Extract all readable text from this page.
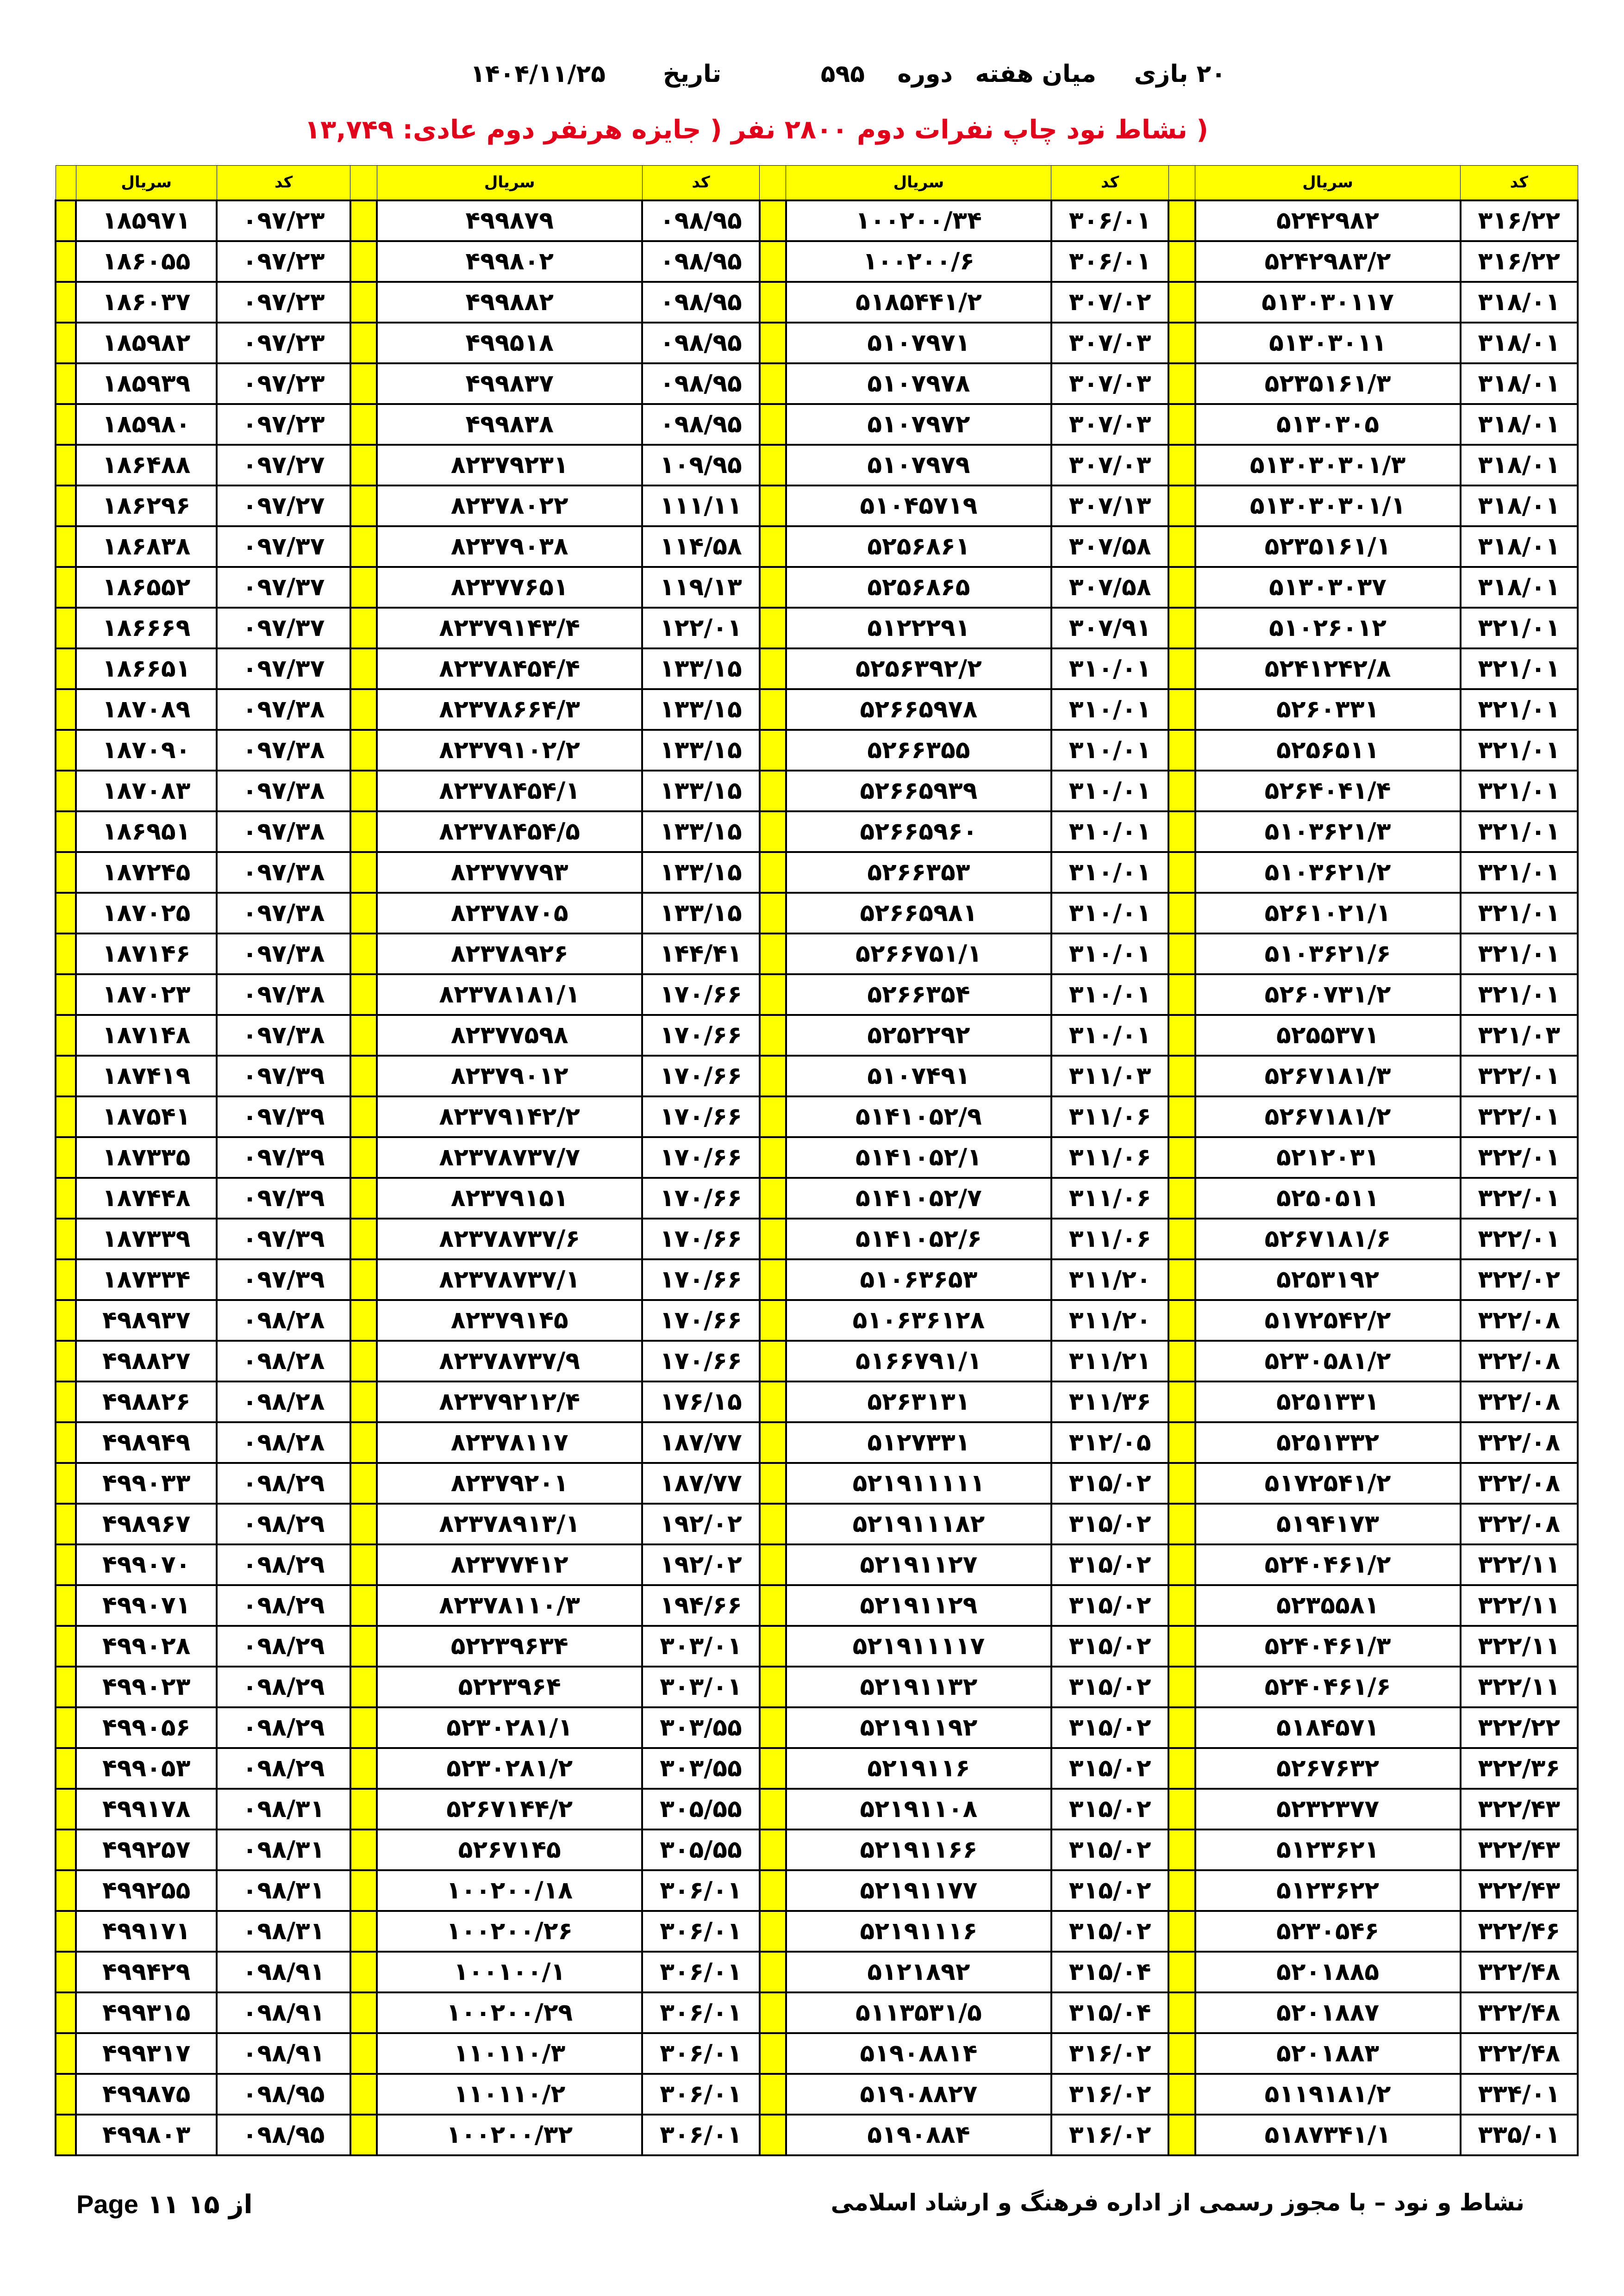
۲۰ بازی
میان هفته
دوره
۵۹۵
تاریخ
۱۴۰۴/۱۱/۲۵
( نشاط نود چاپ نفرات دوم ۲۸۰۰ نفر ( جایزه هرنفر دوم عادی: ۱۳,۷۴۹
کد	سریال		کد	سریال		کد	سریال		کد	سریال	
۳۱۶/۲۲	۵۲۴۲۹۸۲		۳۰۶/۰۱	۱۰۰۲۰۰/۳۴		۰۹۸/۹۵	۴۹۹۸۷۹		۰۹۷/۲۳	۱۸۵۹۷۱	
۳۱۶/۲۲	۵۲۴۲۹۸۳/۲		۳۰۶/۰۱	۱۰۰۲۰۰/۶		۰۹۸/۹۵	۴۹۹۸۰۲		۰۹۷/۲۳	۱۸۶۰۵۵	
۳۱۸/۰۱	۵۱۳۰۳۰۱۱۷		۳۰۷/۰۲	۵۱۸۵۴۴۱/۲		۰۹۸/۹۵	۴۹۹۸۸۲		۰۹۷/۲۳	۱۸۶۰۳۷	
۳۱۸/۰۱	۵۱۳۰۳۰۱۱		۳۰۷/۰۳	۵۱۰۷۹۷۱		۰۹۸/۹۵	۴۹۹۵۱۸		۰۹۷/۲۳	۱۸۵۹۸۲	
۳۱۸/۰۱	۵۲۳۵۱۶۱/۳		۳۰۷/۰۳	۵۱۰۷۹۷۸		۰۹۸/۹۵	۴۹۹۸۳۷		۰۹۷/۲۳	۱۸۵۹۳۹	
۳۱۸/۰۱	۵۱۳۰۳۰۵		۳۰۷/۰۳	۵۱۰۷۹۷۲		۰۹۸/۹۵	۴۹۹۸۳۸		۰۹۷/۲۳	۱۸۵۹۸۰	
۳۱۸/۰۱	۵۱۳۰۳۰۳۰۱/۳		۳۰۷/۰۳	۵۱۰۷۹۷۹		۱۰۹/۹۵	۸۲۳۷۹۲۳۱		۰۹۷/۲۷	۱۸۶۴۸۸	
۳۱۸/۰۱	۵۱۳۰۳۰۳۰۱/۱		۳۰۷/۱۳	۵۱۰۴۵۷۱۹		۱۱۱/۱۱	۸۲۳۷۸۰۲۲		۰۹۷/۲۷	۱۸۶۲۹۶	
۳۱۸/۰۱	۵۲۳۵۱۶۱/۱		۳۰۷/۵۸	۵۲۵۶۸۶۱		۱۱۴/۵۸	۸۲۳۷۹۰۳۸		۰۹۷/۳۷	۱۸۶۸۳۸	
۳۱۸/۰۱	۵۱۳۰۳۰۳۷		۳۰۷/۵۸	۵۲۵۶۸۶۵		۱۱۹/۱۳	۸۲۳۷۷۶۵۱		۰۹۷/۳۷	۱۸۶۵۵۲	
۳۲۱/۰۱	۵۱۰۲۶۰۱۲		۳۰۷/۹۱	۵۱۲۲۲۹۱		۱۲۲/۰۱	۸۲۳۷۹۱۴۳/۴		۰۹۷/۳۷	۱۸۶۶۶۹	
۳۲۱/۰۱	۵۲۴۱۲۴۲/۸		۳۱۰/۰۱	۵۲۵۶۳۹۲/۲		۱۳۳/۱۵	۸۲۳۷۸۴۵۴/۴		۰۹۷/۳۷	۱۸۶۶۵۱	
۳۲۱/۰۱	۵۲۶۰۳۳۱		۳۱۰/۰۱	۵۲۶۶۵۹۷۸		۱۳۳/۱۵	۸۲۳۷۸۶۶۴/۳		۰۹۷/۳۸	۱۸۷۰۸۹	
۳۲۱/۰۱	۵۲۵۶۵۱۱		۳۱۰/۰۱	۵۲۶۶۳۵۵		۱۳۳/۱۵	۸۲۳۷۹۱۰۲/۲		۰۹۷/۳۸	۱۸۷۰۹۰	
۳۲۱/۰۱	۵۲۶۴۰۴۱/۴		۳۱۰/۰۱	۵۲۶۶۵۹۳۹		۱۳۳/۱۵	۸۲۳۷۸۴۵۴/۱		۰۹۷/۳۸	۱۸۷۰۸۳	
۳۲۱/۰۱	۵۱۰۳۶۲۱/۳		۳۱۰/۰۱	۵۲۶۶۵۹۶۰		۱۳۳/۱۵	۸۲۳۷۸۴۵۴/۵		۰۹۷/۳۸	۱۸۶۹۵۱	
۳۲۱/۰۱	۵۱۰۳۶۲۱/۲		۳۱۰/۰۱	۵۲۶۶۳۵۳		۱۳۳/۱۵	۸۲۳۷۷۷۹۳		۰۹۷/۳۸	۱۸۷۲۴۵	
۳۲۱/۰۱	۵۲۶۱۰۲۱/۱		۳۱۰/۰۱	۵۲۶۶۵۹۸۱		۱۳۳/۱۵	۸۲۳۷۸۷۰۵		۰۹۷/۳۸	۱۸۷۰۲۵	
۳۲۱/۰۱	۵۱۰۳۶۲۱/۶		۳۱۰/۰۱	۵۲۶۶۷۵۱/۱		۱۴۴/۴۱	۸۲۳۷۸۹۲۶		۰۹۷/۳۸	۱۸۷۱۴۶	
۳۲۱/۰۱	۵۲۶۰۷۳۱/۲		۳۱۰/۰۱	۵۲۶۶۳۵۴		۱۷۰/۶۶	۸۲۳۷۸۱۸۱/۱		۰۹۷/۳۸	۱۸۷۰۲۳	
۳۲۱/۰۳	۵۲۵۵۳۷۱		۳۱۰/۰۱	۵۲۵۲۲۹۲		۱۷۰/۶۶	۸۲۳۷۷۵۹۸		۰۹۷/۳۸	۱۸۷۱۴۸	
۳۲۲/۰۱	۵۲۶۷۱۸۱/۳		۳۱۱/۰۳	۵۱۰۷۴۹۱		۱۷۰/۶۶	۸۲۳۷۹۰۱۲		۰۹۷/۳۹	۱۸۷۴۱۹	
۳۲۲/۰۱	۵۲۶۷۱۸۱/۲		۳۱۱/۰۶	۵۱۴۱۰۵۲/۹		۱۷۰/۶۶	۸۲۳۷۹۱۴۲/۲		۰۹۷/۳۹	۱۸۷۵۴۱	
۳۲۲/۰۱	۵۲۱۲۰۳۱		۳۱۱/۰۶	۵۱۴۱۰۵۲/۱		۱۷۰/۶۶	۸۲۳۷۸۷۳۷/۷		۰۹۷/۳۹	۱۸۷۳۳۵	
۳۲۲/۰۱	۵۲۵۰۵۱۱		۳۱۱/۰۶	۵۱۴۱۰۵۲/۷		۱۷۰/۶۶	۸۲۳۷۹۱۵۱		۰۹۷/۳۹	۱۸۷۴۴۸	
۳۲۲/۰۱	۵۲۶۷۱۸۱/۶		۳۱۱/۰۶	۵۱۴۱۰۵۲/۶		۱۷۰/۶۶	۸۲۳۷۸۷۳۷/۶		۰۹۷/۳۹	۱۸۷۳۳۹	
۳۲۲/۰۲	۵۲۵۳۱۹۲		۳۱۱/۲۰	۵۱۰۶۳۶۵۳		۱۷۰/۶۶	۸۲۳۷۸۷۳۷/۱		۰۹۷/۳۹	۱۸۷۳۳۴	
۳۲۲/۰۸	۵۱۷۲۵۴۲/۲		۳۱۱/۲۰	۵۱۰۶۳۶۱۲۸		۱۷۰/۶۶	۸۲۳۷۹۱۴۵		۰۹۸/۲۸	۴۹۸۹۳۷	
۳۲۲/۰۸	۵۲۳۰۵۸۱/۲		۳۱۱/۲۱	۵۱۶۶۷۹۱/۱		۱۷۰/۶۶	۸۲۳۷۸۷۳۷/۹		۰۹۸/۲۸	۴۹۸۸۲۷	
۳۲۲/۰۸	۵۲۵۱۳۳۱		۳۱۱/۳۶	۵۲۶۳۱۳۱		۱۷۶/۱۵	۸۲۳۷۹۲۱۲/۴		۰۹۸/۲۸	۴۹۸۸۲۶	
۳۲۲/۰۸	۵۲۵۱۳۳۲		۳۱۲/۰۵	۵۱۲۷۳۳۱		۱۸۷/۷۷	۸۲۳۷۸۱۱۷		۰۹۸/۲۸	۴۹۸۹۴۹	
۳۲۲/۰۸	۵۱۷۲۵۴۱/۲		۳۱۵/۰۲	۵۲۱۹۱۱۱۱۱		۱۸۷/۷۷	۸۲۳۷۹۲۰۱		۰۹۸/۲۹	۴۹۹۰۳۳	
۳۲۲/۰۸	۵۱۹۴۱۷۳		۳۱۵/۰۲	۵۲۱۹۱۱۱۸۲		۱۹۲/۰۲	۸۲۳۷۸۹۱۳/۱		۰۹۸/۲۹	۴۹۸۹۶۷	
۳۲۲/۱۱	۵۲۴۰۴۶۱/۲		۳۱۵/۰۲	۵۲۱۹۱۱۲۷		۱۹۲/۰۲	۸۲۳۷۷۴۱۲		۰۹۸/۲۹	۴۹۹۰۷۰	
۳۲۲/۱۱	۵۲۳۵۵۸۱		۳۱۵/۰۲	۵۲۱۹۱۱۲۹		۱۹۴/۶۶	۸۲۳۷۸۱۱۰/۳		۰۹۸/۲۹	۴۹۹۰۷۱	
۳۲۲/۱۱	۵۲۴۰۴۶۱/۳		۳۱۵/۰۲	۵۲۱۹۱۱۱۱۷		۳۰۳/۰۱	۵۲۲۳۹۶۳۴		۰۹۸/۲۹	۴۹۹۰۲۸	
۳۲۲/۱۱	۵۲۴۰۴۶۱/۶		۳۱۵/۰۲	۵۲۱۹۱۱۳۲		۳۰۳/۰۱	۵۲۲۳۹۶۴		۰۹۸/۲۹	۴۹۹۰۲۳	
۳۲۲/۲۲	۵۱۸۴۵۷۱		۳۱۵/۰۲	۵۲۱۹۱۱۹۲		۳۰۳/۵۵	۵۲۳۰۲۸۱/۱		۰۹۸/۲۹	۴۹۹۰۵۶	
۳۲۲/۳۶	۵۲۶۷۶۳۲		۳۱۵/۰۲	۵۲۱۹۱۱۶		۳۰۳/۵۵	۵۲۳۰۲۸۱/۲		۰۹۸/۲۹	۴۹۹۰۵۳	
۳۲۲/۴۳	۵۲۳۲۳۷۷		۳۱۵/۰۲	۵۲۱۹۱۱۰۸		۳۰۵/۵۵	۵۲۶۷۱۴۴/۲		۰۹۸/۳۱	۴۹۹۱۷۸	
۳۲۲/۴۳	۵۱۲۳۶۲۱		۳۱۵/۰۲	۵۲۱۹۱۱۶۶		۳۰۵/۵۵	۵۲۶۷۱۴۵		۰۹۸/۳۱	۴۹۹۲۵۷	
۳۲۲/۴۳	۵۱۲۳۶۲۲		۳۱۵/۰۲	۵۲۱۹۱۱۷۷		۳۰۶/۰۱	۱۰۰۲۰۰/۱۸		۰۹۸/۳۱	۴۹۹۲۵۵	
۳۲۲/۴۶	۵۲۳۰۵۴۶		۳۱۵/۰۲	۵۲۱۹۱۱۱۶		۳۰۶/۰۱	۱۰۰۲۰۰/۲۶		۰۹۸/۳۱	۴۹۹۱۷۱	
۳۲۲/۴۸	۵۲۰۱۸۸۵		۳۱۵/۰۴	۵۱۲۱۸۹۲		۳۰۶/۰۱	۱۰۰۱۰۰/۱		۰۹۸/۹۱	۴۹۹۴۲۹	
۳۲۲/۴۸	۵۲۰۱۸۸۷		۳۱۵/۰۴	۵۱۱۳۵۳۱/۵		۳۰۶/۰۱	۱۰۰۲۰۰/۲۹		۰۹۸/۹۱	۴۹۹۳۱۵	
۳۲۲/۴۸	۵۲۰۱۸۸۳		۳۱۶/۰۲	۵۱۹۰۸۸۱۴		۳۰۶/۰۱	۱۱۰۱۱۰/۳		۰۹۸/۹۱	۴۹۹۳۱۷	
۳۳۴/۰۱	۵۱۱۹۱۸۱/۲		۳۱۶/۰۲	۵۱۹۰۸۸۲۷		۳۰۶/۰۱	۱۱۰۱۱۰/۲		۰۹۸/۹۵	۴۹۹۸۷۵	
۳۳۵/۰۱	۵۱۸۷۳۴۱/۱		۳۱۶/۰۲	۵۱۹۰۸۸۴		۳۰۶/۰۱	۱۰۰۲۰۰/۳۲		۰۹۸/۹۵	۴۹۹۸۰۳	
Page از ۱۵ ۱۱	نشاط و نود – با مجوز رسمی از اداره فرهنگ و ارشاد اسلامی
